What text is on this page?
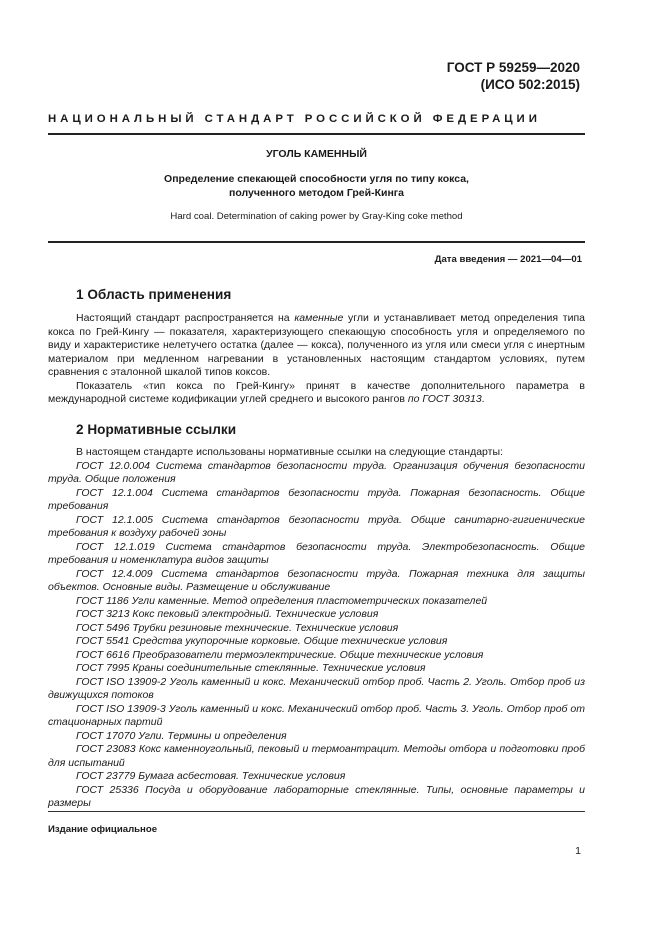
ГОСТ Р 59259—2020
(ИСО 502:2015)
НАЦИОНАЛЬНЫЙ СТАНДАРТ РОССИЙСКОЙ ФЕДЕРАЦИИ
УГОЛЬ КАМЕННЫЙ
Определение спекающей способности угля по типу кокса,
полученного методом Грей-Кинга
Hard coal. Determination of caking power by Gray-King coke method
Дата введения — 2021—04—01
1 Область применения

Настоящий стандарт распространяется на каменные угли и устанавливает метод определения типа кокса по Грей-Кингу — показателя, характеризующего спекающую способность угля и определяемого по виду и характеристике нелетучего остатка (далее — кокса), полученного из угля или смеси угля с инертным материалом при медленном нагревании в установленных настоящим стандартом условиях, путем сравнения с эталонной шкалой типов коксов.

Показатель «тип кокса по Грей-Кингу» принят в качестве дополнительного параметра в международной системе кодификации углей среднего и высокого рангов по ГОСТ 30313.

2 Нормативные ссылки

В настоящем стандарте использованы нормативные ссылки на следующие стандарты:

ГОСТ 12.0.004 Система стандартов безопасности труда. Организация обучения безопасности труда. Общие положения

ГОСТ 12.1.004 Система стандартов безопасности труда. Пожарная безопасность. Общие требования

ГОСТ 12.1.005 Система стандартов безопасности труда. Общие санитарно-гигиенические требования к воздуху рабочей зоны

ГОСТ 12.1.019 Система стандартов безопасности труда. Электробезопасность. Общие требования и номенклатура видов защиты

ГОСТ 12.4.009 Система стандартов безопасности труда. Пожарная техника для защиты объектов. Основные виды. Размещение и обслуживание

ГОСТ 1186 Угли каменные. Метод определения пластометрических показателей

ГОСТ 3213 Кокс пековый электродный. Технические условия

ГОСТ 5496 Трубки резиновые технические. Технические условия

ГОСТ 5541 Средства укупорочные корковые. Общие технические условия

ГОСТ 6616 Преобразователи термоэлектрические. Общие технические условия

ГОСТ 7995 Краны соединительные стеклянные. Технические условия

ГОСТ ISO 13909-2 Уголь каменный и кокс. Механический отбор проб. Часть 2. Уголь. Отбор проб из движущихся потоков

ГОСТ ISO 13909-3 Уголь каменный и кокс. Механический отбор проб. Часть 3. Уголь. Отбор проб от стационарных партий

ГОСТ 17070 Угли. Термины и определения

ГОСТ 23083 Кокс каменноугольный, пековый и термоантрацит. Методы отбора и подготовки проб для испытаний

ГОСТ 23779 Бумага асбестовая. Технические условия

ГОСТ 25336 Посуда и оборудование лабораторные стеклянные. Типы, основные параметры и размеры

Издание официальное
1
